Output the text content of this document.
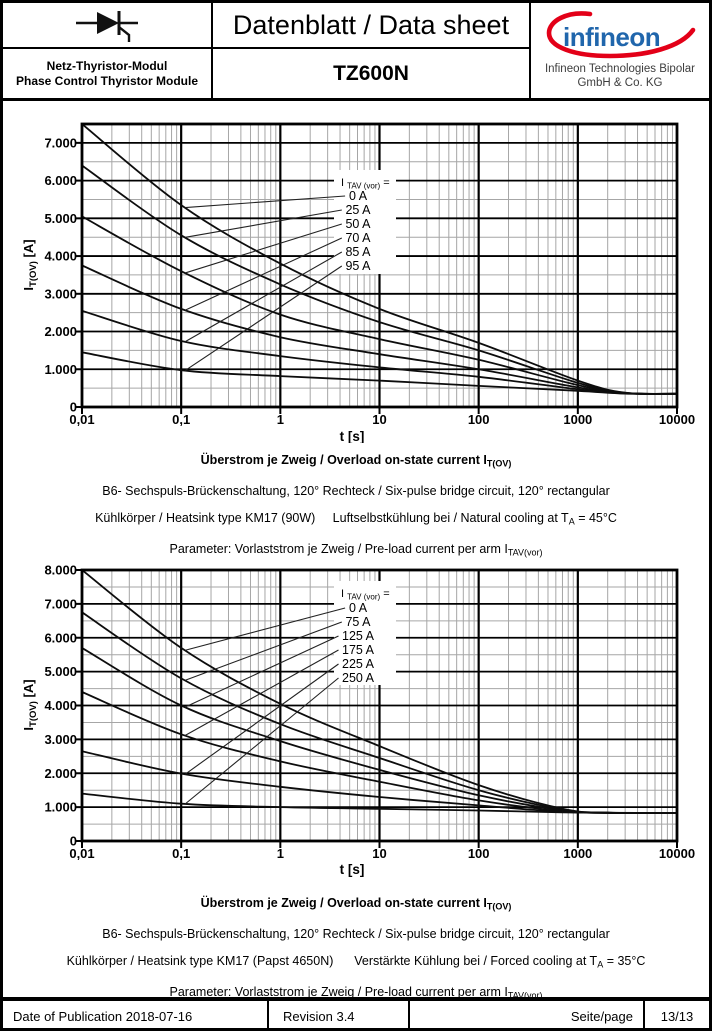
Netz-Thyristor-Modul
Phase Control Thyristor Module
Datenblatt / Data sheet
TZ600N
infineon
Infineon Technologies Bipolar
GmbH & Co. KG
0
1.000
2.000
3.000
4.000
5.000
6.000
7.000
0,01	0,1	1	10	100	1000	10000
t [s]
$I_{T(OV)}$ [A]
I $_{TAV (vor)}$ =
0 A
25 A
50 A
70 A
85 A
95 A

Überstrom je Zweig / Overload on-state current $I_{T(OV)}$

B6- Sechspuls-Brückenschaltung, 120° Rechteck / Six-pulse bridge circuit, 120° rectangular

Kühlkörper / Heatsink type KM17 (90W)     Luftselbstkühlung bei / Natural cooling at $T_A = 45^\circ C$

Parameter: Vorlaststrom je Zweig / Pre-load current per arm $I_{TAV(vor)}$

0
1.000
2.000
3.000
4.000
5.000
6.000
7.000
8.000
0,01	0,1	1	10	100	1000	10000
t [s]
$I_{T(OV)}$ [A]
I $_{TAV (vor)}$ =
0 A
75 A
125 A
175 A
225 A
250 A

Überstrom je Zweig / Overload on-state current $I_{T(OV)}$

B6- Sechspuls-Brückenschaltung, 120° Rechteck / Six-pulse bridge circuit, 120° rectangular

Kühlkörper / Heatsink type KM17 (Papst 4650N)      Verstärkte Kühlung bei / Forced cooling at $T_A = 35^\circ C$

Parameter: Vorlaststrom je Zweig / Pre-load current per arm $I_{TAV(vor)}$

Date of Publication 2018-07-16	Revision 3.4	Seite/page	13/13
